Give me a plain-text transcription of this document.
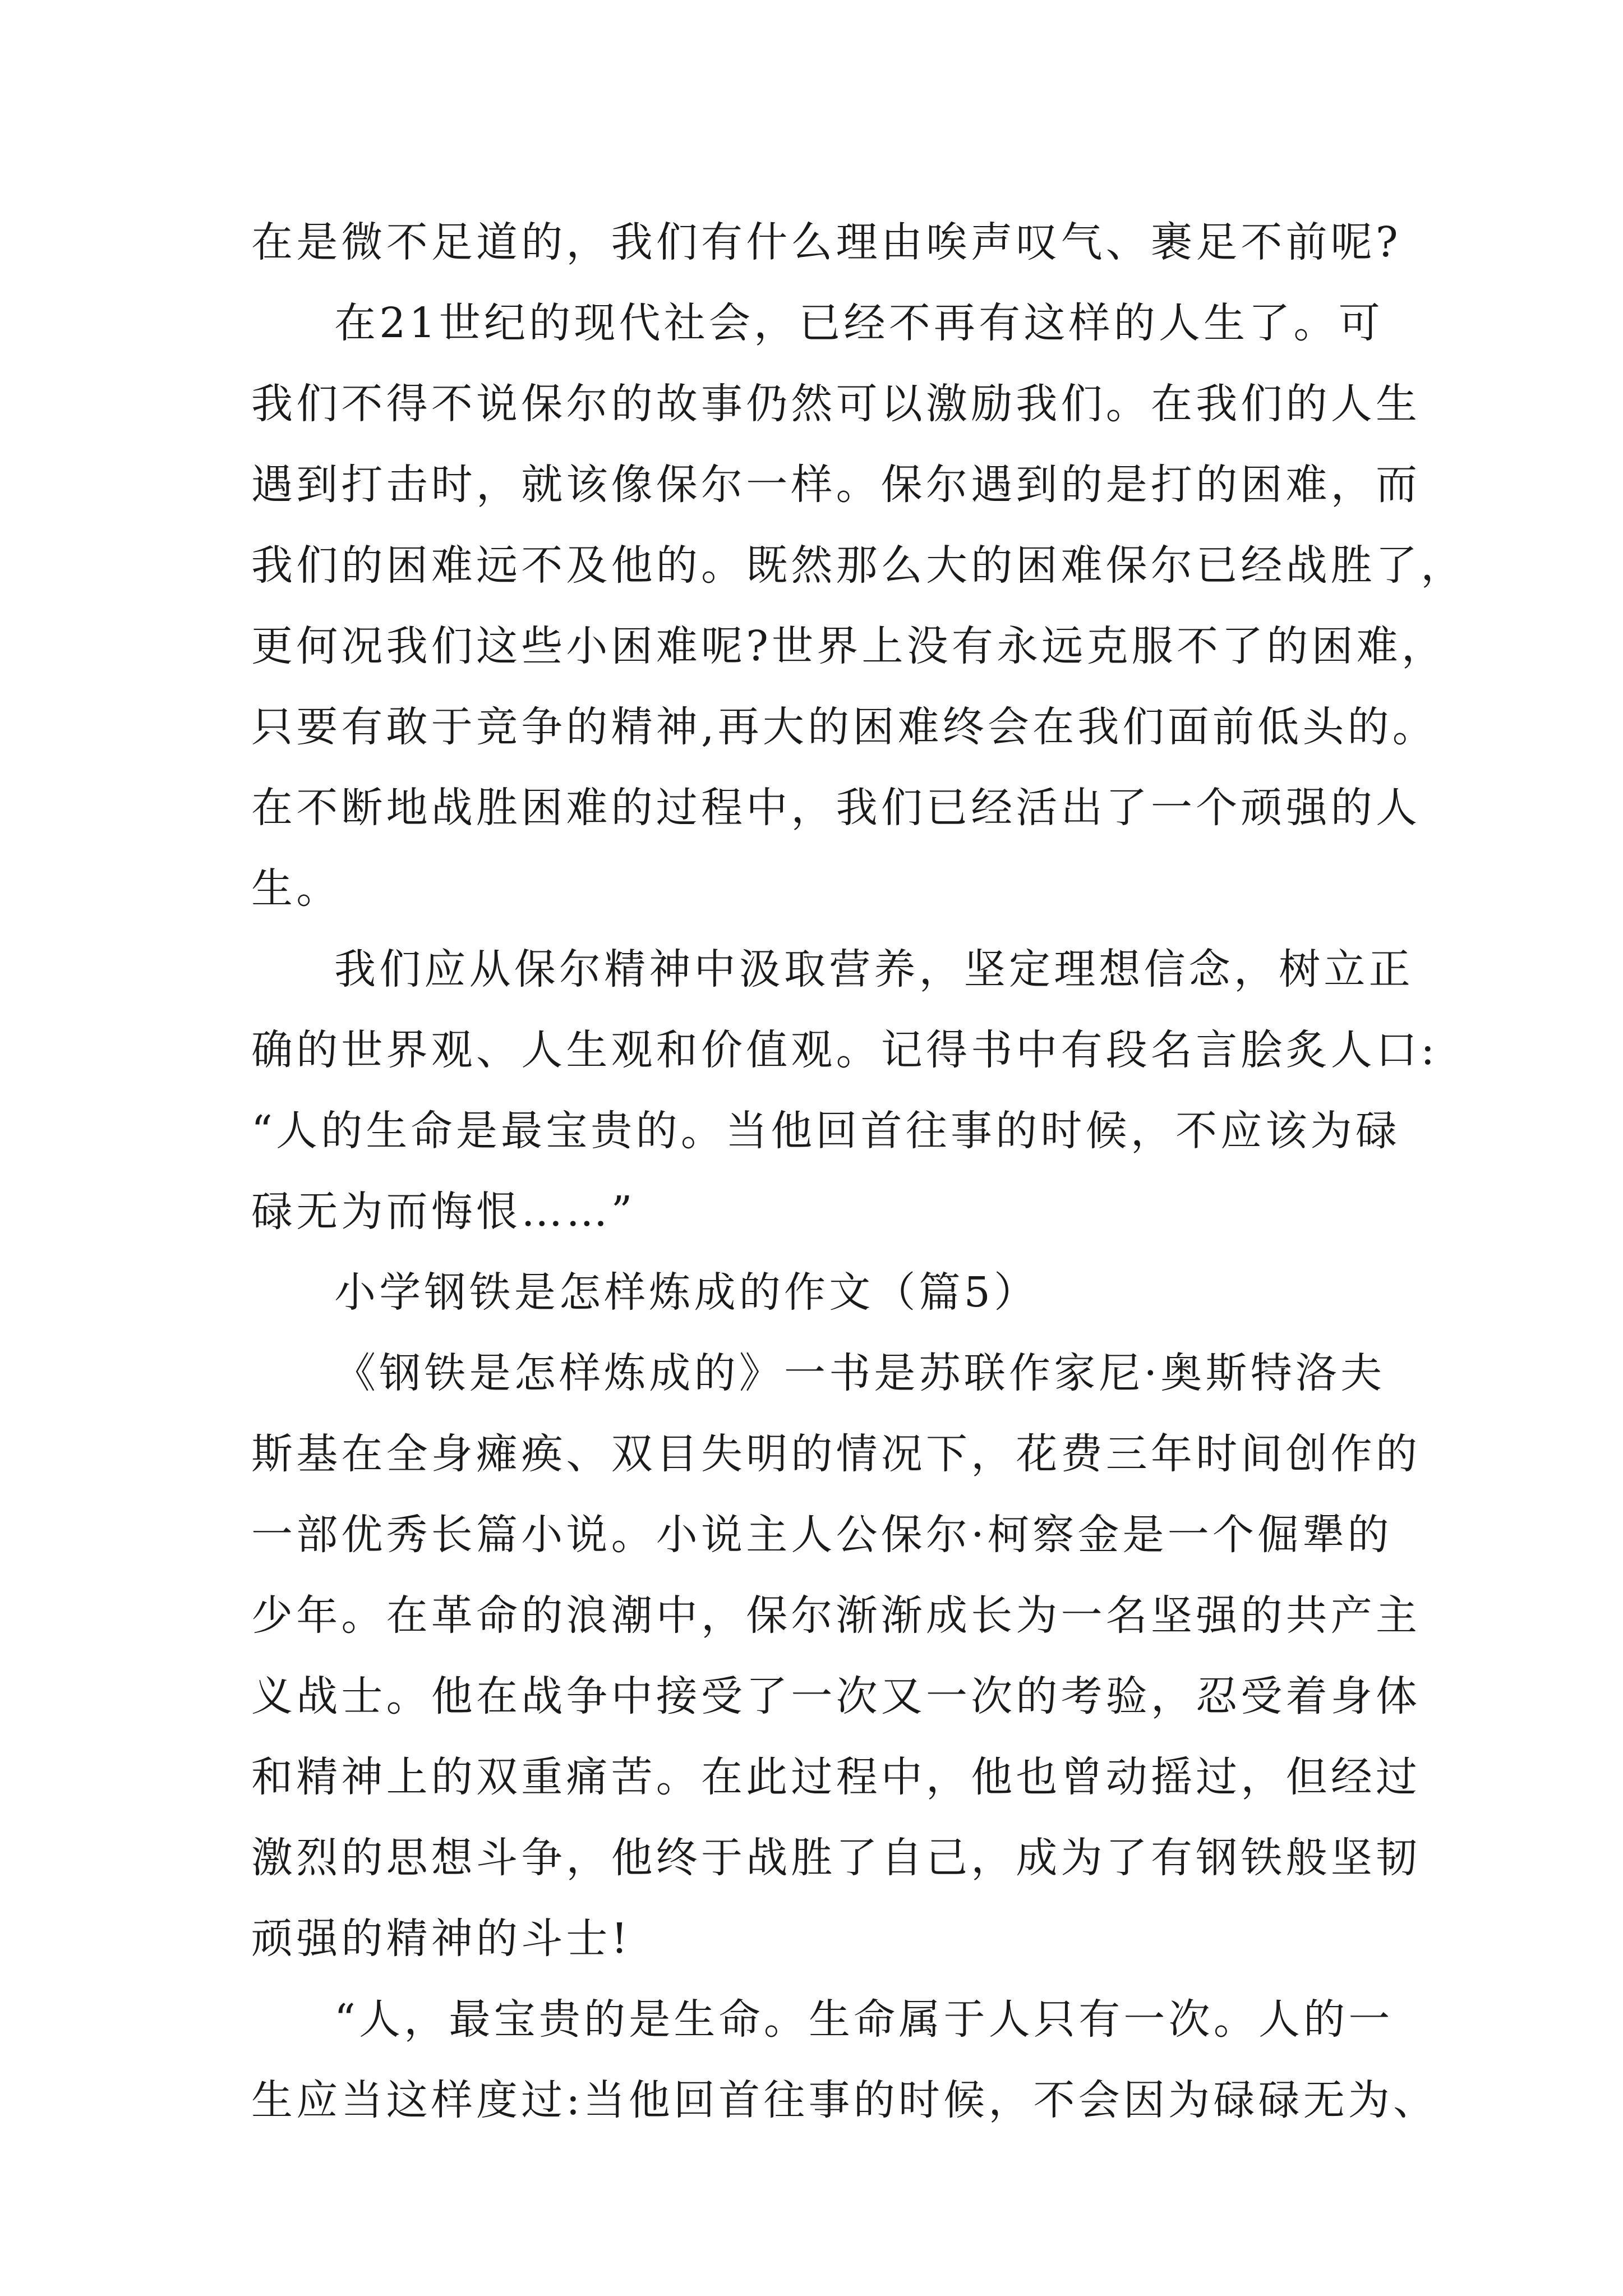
在是微不足道的，我们有什么理由唉声叹气、裹足不前呢?
在21世纪的现代社会，已经不再有这样的人生了。可
我们不得不说保尔的故事仍然可以激励我们。在我们的人生
遇到打击时，就该像保尔一样。保尔遇到的是打的困难，而
我们的困难远不及他的。既然那么大的困难保尔已经战胜了，
更何况我们这些小困难呢?世界上没有永远克服不了的困难，
只要有敢于竞争的精神,再大的困难终会在我们面前低头的。
在不断地战胜困难的过程中，我们已经活出了一个顽强的人
生。
我们应从保尔精神中汲取营养，坚定理想信念，树立正
确的世界观、人生观和价值观。记得书中有段名言脍炙人口:
“人的生命是最宝贵的。当他回首往事的时候，不应该为碌
碌无为而悔恨……”
小学钢铁是怎样炼成的作文（篇5）
《钢铁是怎样炼成的》一书是苏联作家尼·奥斯特洛夫
斯基在全身瘫痪、双目失明的情况下，花费三年时间创作的
一部优秀长篇小说。小说主人公保尔·柯察金是一个倔犟的
少年。在革命的浪潮中，保尔渐渐成长为一名坚强的共产主
义战士。他在战争中接受了一次又一次的考验，忍受着身体
和精神上的双重痛苦。在此过程中，他也曾动摇过，但经过
激烈的思想斗争，他终于战胜了自己，成为了有钢铁般坚韧
顽强的精神的斗士!
“人，最宝贵的是生命。生命属于人只有一次。人的一
生应当这样度过:当他回首往事的时候，不会因为碌碌无为、
